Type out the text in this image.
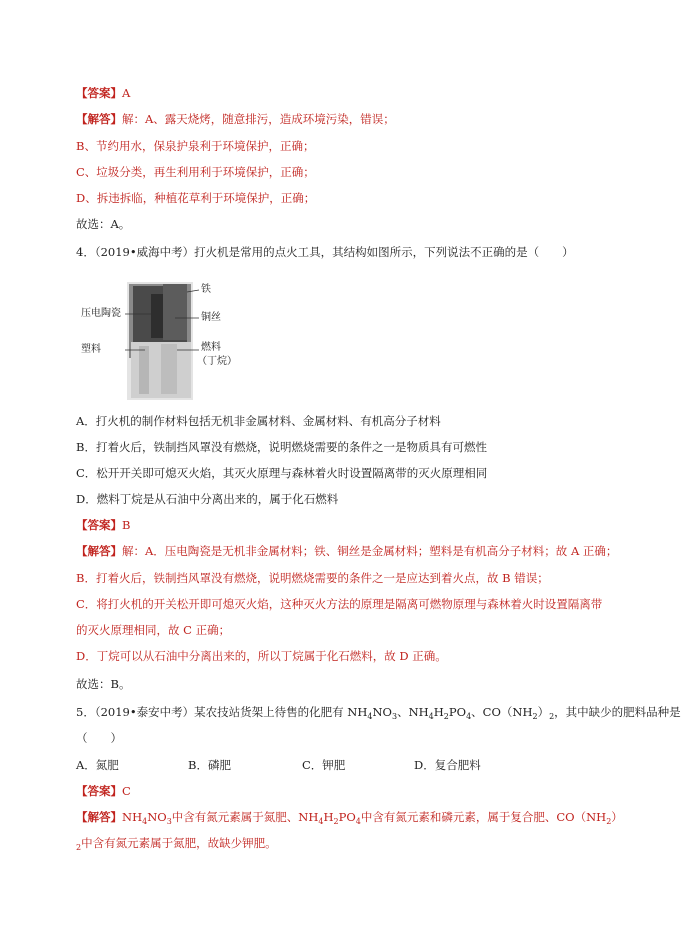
【答案】A
【解答】解：A、露天烧烤，随意排污，造成环境污染，错误；
B、节约用水，保泉护泉利于环境保护，正确；
C、垃圾分类，再生利用利于环境保护，正确；
D、拆违拆临，种植花草利于环境保护，正确；
故选：A。
4．（2019•威海中考）打火机是常用的点火工具，其结构如图所示，下列说法不正确的是（　　）
压电陶瓷
铁
铜丝
塑料	燃料
（丁烷）
A．打火机的制作材料包括无机非金属材料、金属材料、有机高分子材料
B．打着火后，铁制挡风罩没有燃烧，说明燃烧需要的条件之一是物质具有可燃性
C．松开开关即可熄灭火焰，其灭火原理与森林着火时设置隔离带的灭火原理相同
D．燃料丁烷是从石油中分离出来的，属于化石燃料
【答案】B
【解答】解：A．压电陶瓷是无机非金属材料；铁、铜丝是金属材料；塑料是有机高分子材料；故 A 正确；
B．打着火后，铁制挡风罩没有燃烧，说明燃烧需要的条件之一是应达到着火点，故 B 错误；
C．将打火机的开关松开即可熄灭火焰，这种灭火方法的原理是隔离可燃物原理与森林着火时设置隔离带
的灭火原理相同，故 C 正确；
D．丁烷可以从石油中分离出来的，所以丁烷属于化石燃料，故 D 正确。
故选：B。
5．（2019•泰安中考）某农技站货架上待售的化肥有 $NH_4NO_3$、$NH_4H_2PO_4$、$CO(NH_2)_2$，其中缺少的肥料品种是
（　　）
A．氮肥	B．磷肥	C．钾肥	D．复合肥料
【答案】C
【解答】$NH_4NO_3$中含有氮元素属于氮肥、$NH_4H_2PO_4$中含有氮元素和磷元素，属于复合肥、$CO(NH_2)$
$_2$中含有氮元素属于氮肥，故缺少钾肥。
